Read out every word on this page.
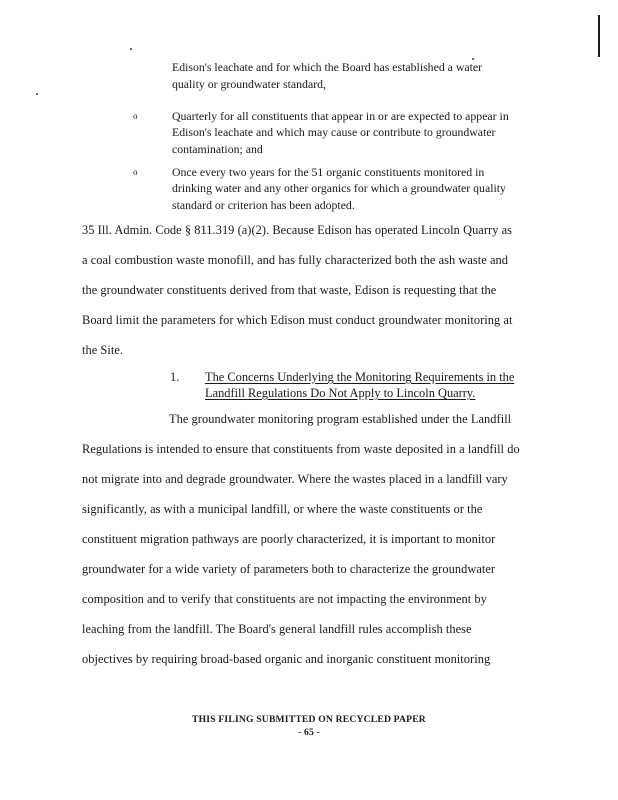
Edison's leachate and for which the Board has established a water
quality or groundwater standard,
o	Quarterly for all constituents that appear in or are expected to appear in
Edison's leachate and which may cause or contribute to groundwater
contamination; and
o	Once every two years for the 51 organic constituents monitored in
drinking water and any other organics for which a groundwater quality
standard or criterion has been adopted.
35 Ill. Admin. Code § 811.319 (a)(2). Because Edison has operated Lincoln Quarry as
a coal combustion waste monofill, and has fully characterized both the ash waste and
the groundwater constituents derived from that waste, Edison is requesting that the
Board limit the parameters for which Edison must conduct groundwater monitoring at
the Site.
1. The Concerns Underlying the Monitoring Requirements in the
Landfill Regulations Do Not Apply to Lincoln Quarry.
The groundwater monitoring program established under the Landfill
Regulations is intended to ensure that constituents from waste deposited in a landfill do
not migrate into and degrade groundwater. Where the wastes placed in a landfill vary
significantly, as with a municipal landfill, or where the waste constituents or the
constituent migration pathways are poorly characterized, it is important to monitor
groundwater for a wide variety of parameters both to characterize the groundwater
composition and to verify that constituents are not impacting the environment by
leaching from the landfill. The Board's general landfill rules accomplish these
objectives by requiring broad-based organic and inorganic constituent monitoring
THIS FILING SUBMITTED ON RECYCLED PAPER
- 65 -
